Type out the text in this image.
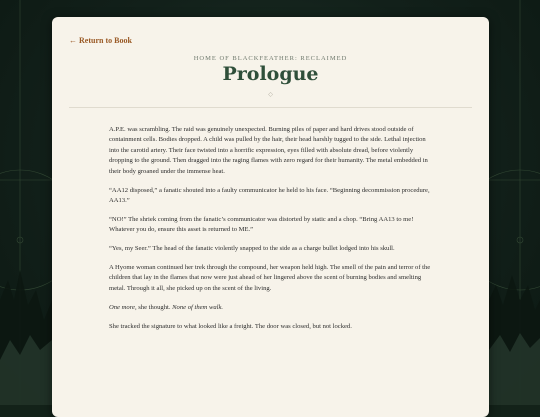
← Return to Book
HOME OF BLACKFEATHER: RECLAIMED
Prologue
◇

A.P.E. was scrambling. The raid was genuinely unexpected. Burning piles of paper and hard drives stood outside of containment cells. Bodies dropped. A child was pulled by the hair, their head harshly tugged to the side. Lethal injection into the carotid artery. Their face twisted into a horrific expression, eyes filled with absolute dread, before violently dropping to the ground. Then dragged into the raging flames with zero regard for their humanity. The metal embedded in their body groaned under the immense heat.

“AA12 disposed,” a fanatic shouted into a faulty communicator he held to his face. “Beginning decommission procedure, AA13.”

“NO!” The shriek coming from the fanatic’s communicator was distorted by static and a chop. “Bring AA13 to me! Whatever you do, ensure this asset is returned to ME.”

“Yes, my Seer.” The head of the fanatic violently snapped to the side as a charge bullet lodged into his skull.

A Hyome woman continued her trek through the compound, her weapon held high. The smell of the pain and terror of the children that lay in the flames that now were just ahead of her lingered above the scent of burning bodies and smelting metal. Through it all, she picked up on the scent of the living.

One more, she thought. None of them walk.

She tracked the signature to what looked like a freight. The door was closed, but not locked.
